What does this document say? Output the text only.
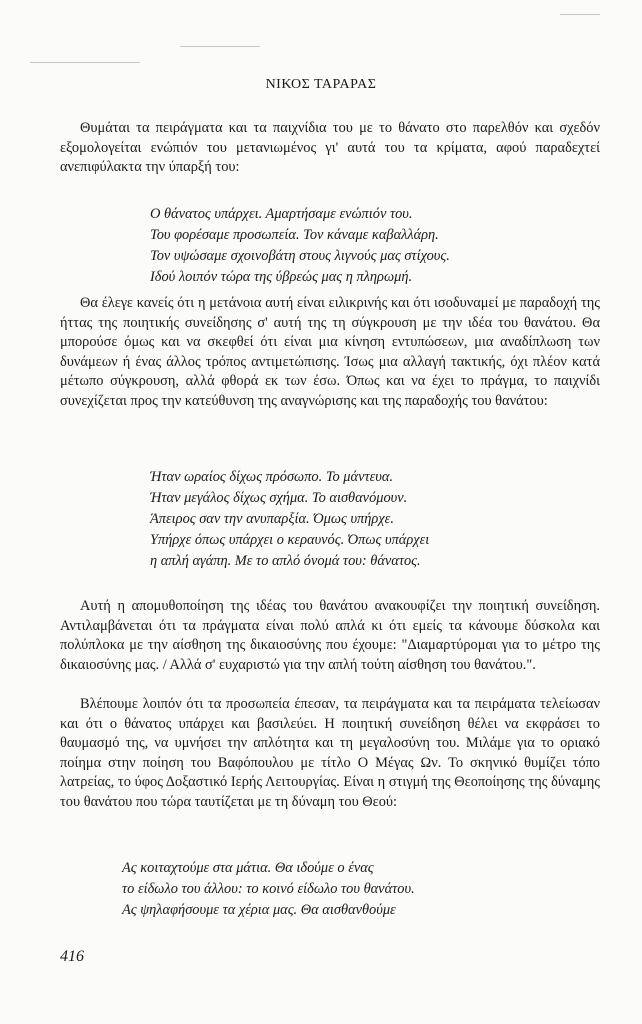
ΝΙΚΟΣ ΤΑΡΑΡΑΣ

Θυμάται τα πειράγματα και τα παιχνίδια του με το θάνατο στο παρελθόν και σχεδόν εξομολογείται ενώπιόν του μετανιωμένος γι' αυτά του τα κρίματα, αφού παραδεχτεί ανεπιφύλακτα την ύπαρξή του:

Ο θάνατος υπάρχει. Αμαρτήσαμε ενώπιόν του.
Του φορέσαμε προσωπεία. Τον κάναμε καβαλλάρη.
Τον υψώσαμε σχοινοβάτη στους λιγνούς μας στίχους.
Ιδού λοιπόν τώρα της ύβρεώς μας η πληρωμή.

Θα έλεγε κανείς ότι η μετάνοια αυτή είναι ειλικρινής και ότι ισοδυναμεί με παραδοχή της ήττας της ποιητικής συνείδησης σ' αυτή της τη σύγκρουση με την ιδέα του θανάτου. Θα μπορούσε όμως και να σκεφθεί ότι είναι μια κίνηση εντυπώσεων, μια αναδίπλωση των δυνάμεων ή ένας άλλος τρόπος αντιμετώπισης. Ίσως μια αλλαγή τακτικής, όχι πλέον κατά μέτωπο σύγκρουση, αλλά φθορά εκ των έσω. Όπως και να έχει το πράγμα, το παιχνίδι συνεχίζεται προς την κατεύθυνση της αναγνώρισης και της παραδοχής του θανάτου:

Ήταν ωραίος δίχως πρόσωπο. Το μάντευα.
Ήταν μεγάλος δίχως σχήμα. Το αισθανόμουν.
Άπειρος σαν την ανυπαρξία. Όμως υπήρχε.
Υπήρχε όπως υπάρχει ο κεραυνός. Όπως υπάρχει
η απλή αγάπη. Με το απλό όνομά του: θάνατος.

Αυτή η απομυθοποίηση της ιδέας του θανάτου ανακουφίζει την ποιητική συνείδηση. Αντιλαμβάνεται ότι τα πράγματα είναι πολύ απλά κι ότι εμείς τα κάνουμε δύσκολα και πολύπλοκα με την αίσθηση της δικαιοσύνης που έχουμε: "Διαμαρτύρομαι για το μέτρο της δικαιοσύνης μας. / Αλλά σ' ευχαριστώ για την απλή τούτη αίσθηση του θανάτου.".

Βλέπουμε λοιπόν ότι τα προσωπεία έπεσαν, τα πειράγματα και τα πειράματα τελείωσαν και ότι ο θάνατος υπάρχει και βασιλεύει. Η ποιητική συνείδηση θέλει να εκφράσει το θαυμασμό της, να υμνήσει την απλότητα και τη μεγαλοσύνη του. Μιλάμε για το οριακό ποίημα στην ποίηση του Βαφόπουλου με τίτλο Ο Μέγας Ων. Το σκηνικό θυμίζει τόπο λατρείας, το ύφος Δοξαστικό Ιερής Λειτουργίας. Είναι η στιγμή της Θεοποίησης της δύναμης του θανάτου που τώρα ταυτίζεται με τη δύναμη του Θεού:

Ας κοιταχτούμε στα μάτια. Θα ιδούμε ο ένας
το είδωλο του άλλου: το κοινό είδωλο του θανάτου.
Ας ψηλαφήσουμε τα χέρια μας. Θα αισθανθούμε
416
